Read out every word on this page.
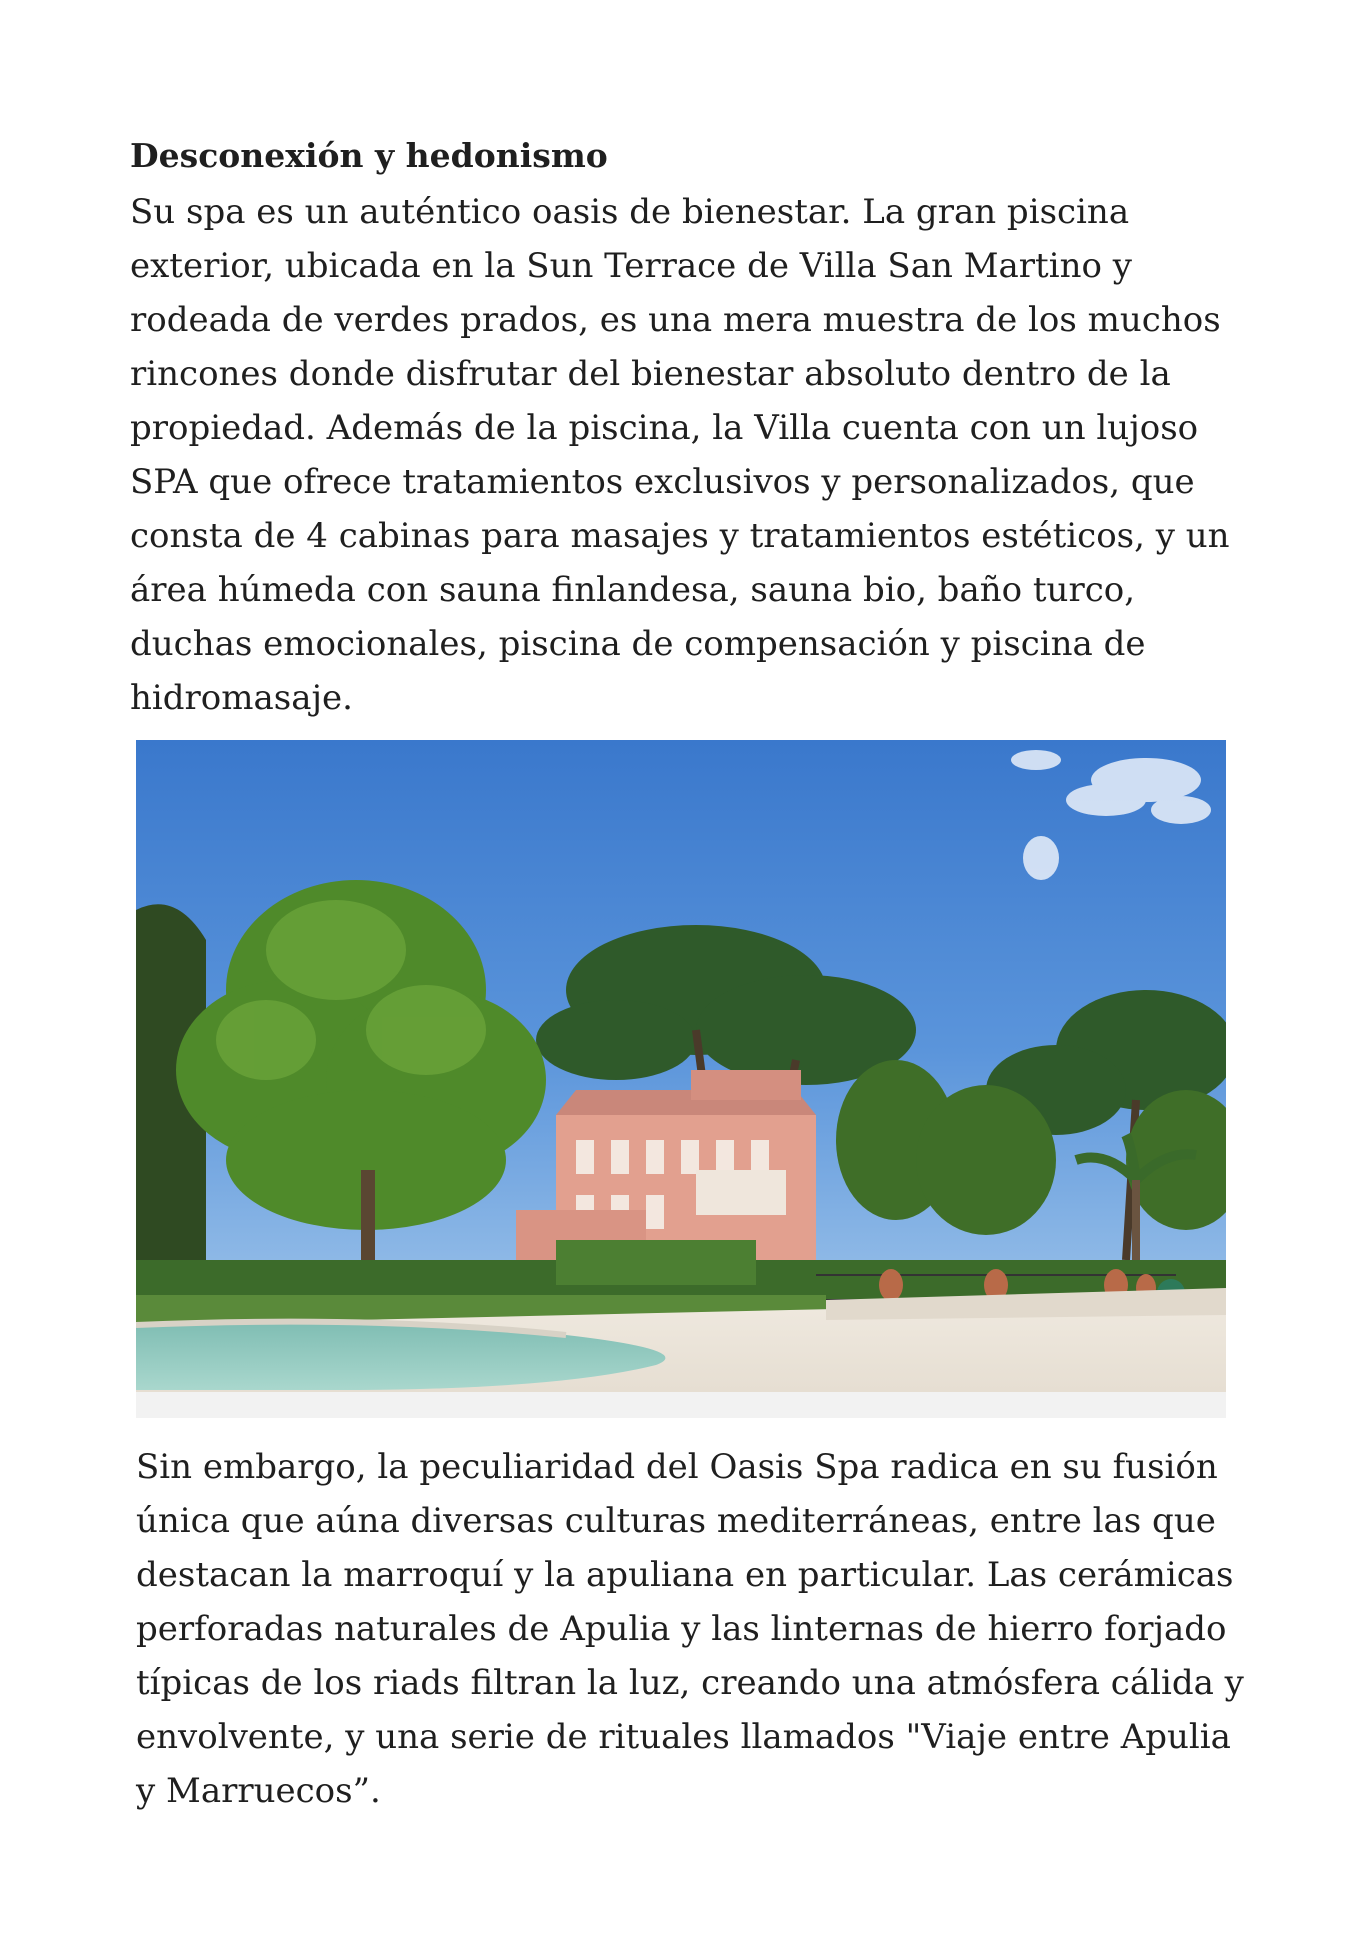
Desconexión y hedonismo

Su spa es un auténtico oasis de bienestar. La gran piscina exterior, ubicada en la Sun Terrace de Villa San Martino y rodeada de verdes prados, es una mera muestra de los muchos rincones donde disfrutar del bienestar absoluto dentro de la propiedad. Además de la piscina, la Villa cuenta con un lujoso SPA que ofrece tratamientos exclusivos y personalizados, que consta de 4 cabinas para masajes y tratamientos estéticos, y un área húmeda con sauna finlandesa, sauna bio, baño turco, duchas emocionales, piscina de compensación y piscina de hidromasaje.

Sin embargo, la peculiaridad del Oasis Spa radica en su fusión única que aúna diversas culturas mediterráneas, entre las que destacan la marroquí y la apuliana en particular. Las cerámicas perforadas naturales de Apulia y las linternas de hierro forjado típicas de los riads filtran la luz, creando una atmósfera cálida y envolvente, y una serie de rituales llamados "Viaje entre Apulia y Marruecos”.
